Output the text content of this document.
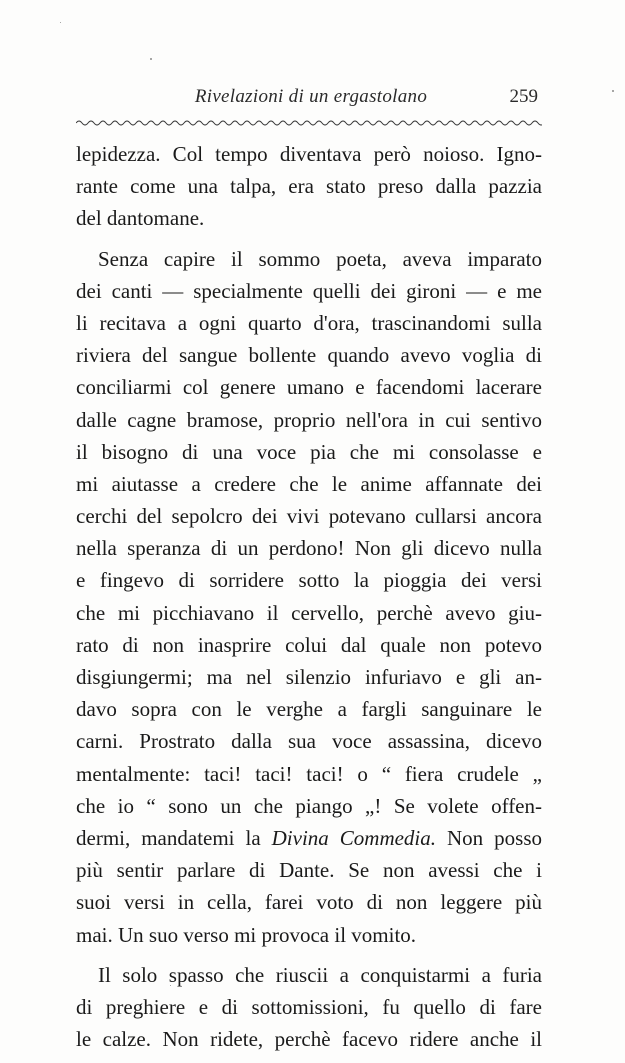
Rivelazioni di un ergastolano	259
lepidezza. Col tempo diventava però noioso. Igno-
rante come una talpa, era stato preso dalla pazzia
del dantomane.
Senza capire il sommo poeta, aveva imparato
dei canti — specialmente quelli dei gironi — e me
li recitava a ogni quarto d'ora, trascinandomi sulla
riviera del sangue bollente quando avevo voglia di
conciliarmi col genere umano e facendomi lacerare
dalle cagne bramose, proprio nell'ora in cui sentivo
il bisogno di una voce pia che mi consolasse e
mi aiutasse a credere che le anime affannate dei
cerchi del sepolcro dei vivi potevano cullarsi ancora
nella speranza di un perdono! Non gli dicevo nulla
e fingevo di sorridere sotto la pioggia dei versi
che mi picchiavano il cervello, perchè avevo giu-
rato di non inasprire colui dal quale non potevo
disgiungermi; ma nel silenzio infuriavo e gli an-
davo sopra con le verghe a fargli sanguinare le
carni. Prostrato dalla sua voce assassina, dicevo
mentalmente: taci! taci! taci! o “ fiera crudele „
che io “ sono un che piango „! Se volete offen-
dermi, mandatemi la Divina Commedia. Non posso
più sentir parlare di Dante. Se non avessi che i
suoi versi in cella, farei voto di non leggere più
mai. Un suo verso mi provoca il vomito.
Il solo spasso che riuscii a conquistarmi a furia
di preghiere e di sottomissioni, fu quello di fare
le calze. Non ridete, perchè facevo ridere anche il
